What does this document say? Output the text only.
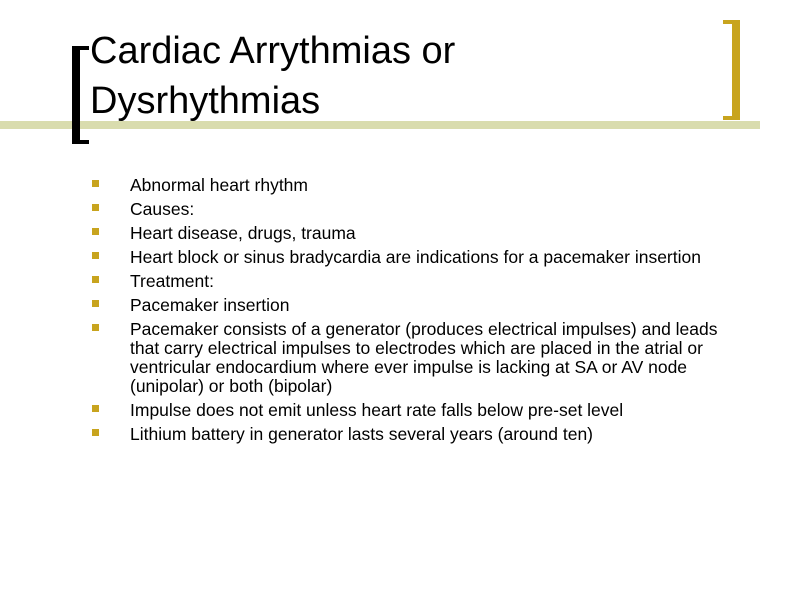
Cardiac Arrythmias or
Dysrhythmias
Abnormal heart rhythm
Causes:
Heart disease, drugs, trauma
Heart block or sinus bradycardia are indications for a pacemaker insertion
Treatment:
Pacemaker insertion
Pacemaker consists of a generator (produces electrical impulses) and leads that carry electrical impulses to electrodes which are placed in the atrial or ventricular endocardium where ever impulse is lacking at SA or AV node (unipolar) or both (bipolar)
Impulse does not emit unless heart rate falls below pre-set level
Lithium battery in generator lasts several years (around ten)
